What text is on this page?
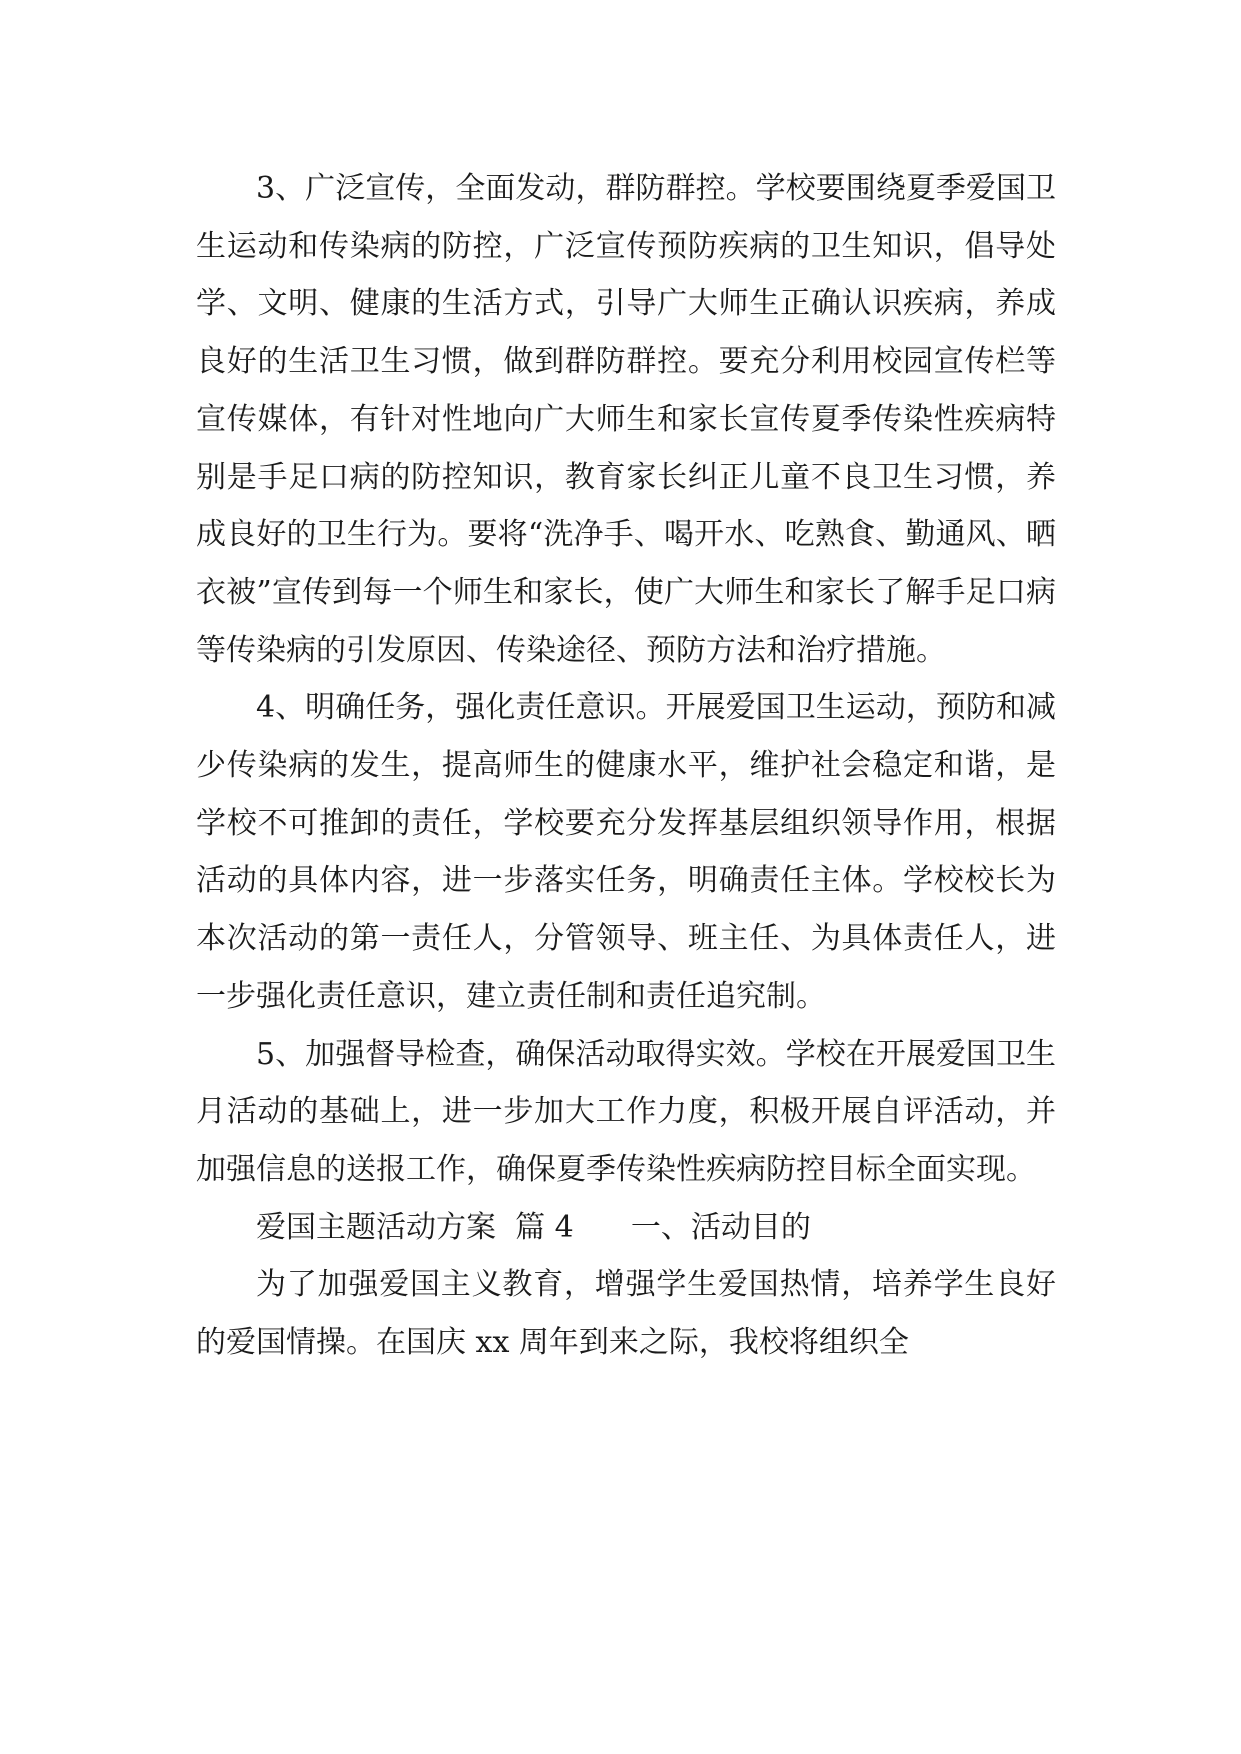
3、广泛宣传，全面发动，群防群控。学校要围绕夏季爱国卫生运动和传染病的防控，广泛宣传预防疾病的卫生知识，倡导处学、文明、健康的生活方式，引导广大师生正确认识疾病，养成良好的生活卫生习惯，做到群防群控。要充分利用校园宣传栏等宣传媒体，有针对性地向广大师生和家长宣传夏季传染性疾病特别是手足口病的防控知识，教育家长纠正儿童不良卫生习惯，养成良好的卫生行为。要将“洗净手、喝开水、吃熟食、勤通风、晒衣被”宣传到每一个师生和家长，使广大师生和家长了解手足口病等传染病的引发原因、传染途径、预防方法和治疗措施。

4、明确任务，强化责任意识。开展爱国卫生运动，预防和减少传染病的发生，提高师生的健康水平，维护社会稳定和谐，是学校不可推卸的责任，学校要充分发挥基层组织领导作用，根据活动的具体内容，进一步落实任务，明确责任主体。学校校长为本次活动的第一责任人，分管领导、班主任、为具体责任人，进一步强化责任意识，建立责任制和责任追究制。

5、加强督导检查，确保活动取得实效。学校在开展爱国卫生月活动的基础上，进一步加大工作力度，积极开展自评活动，并加强信息的送报工作，确保夏季传染性疾病防控目标全面实现。

爱国主题活动方案  篇 4      一、活动目的

为了加强爱国主义教育，增强学生爱国热情，培养学生良好的爱国情操。在国庆 xx 周年到来之际，我校将组织全
